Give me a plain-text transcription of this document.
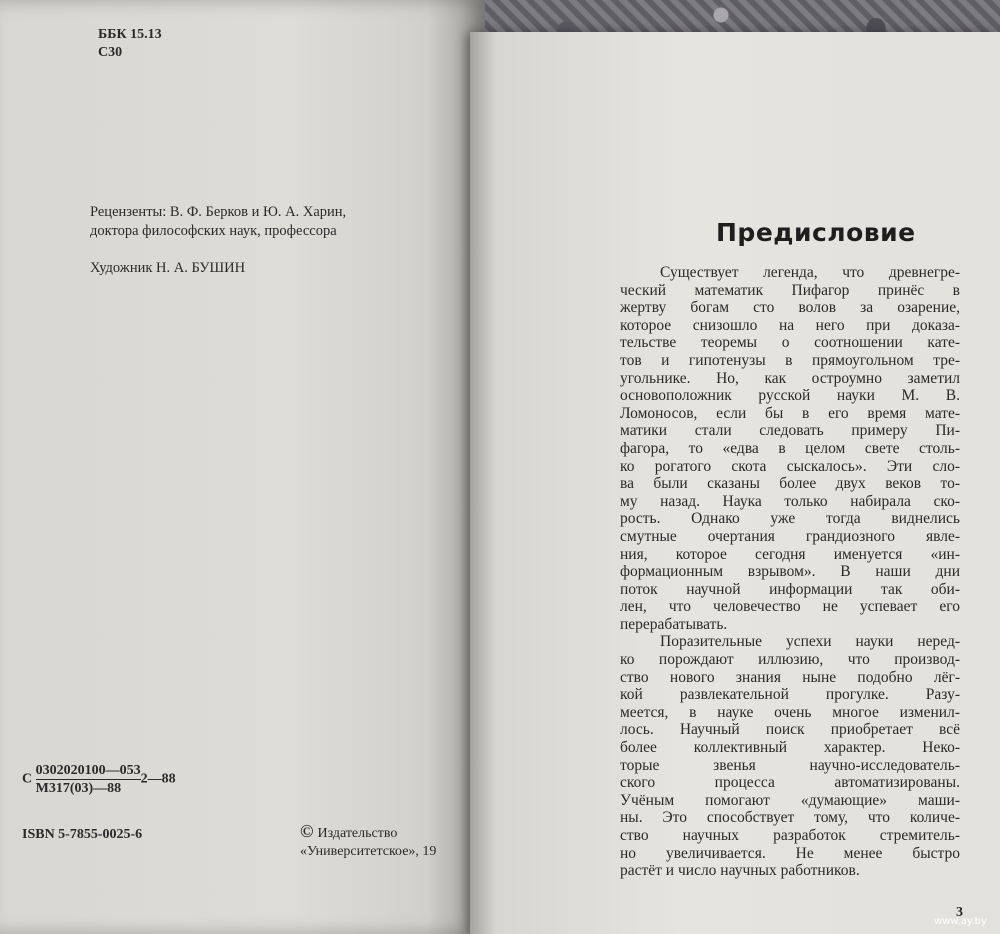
ББК 15.13
С30
Рецензенты: В. Ф. Берков и Ю. А. Харин,
доктора философских наук, профессора
Художник Н. А. БУШИН
С $\frac{0302020100—053}{М317(03)—88}$ 2—88
ISBN 5-7855-0025-6	© Издательство
«Университетское», 19
Предисловие
Существует легенда, что древнегре-
ческий математик Пифагор принёс в
жертву богам сто волов за озарение,
которое снизошло на него при доказа-
тельстве теоремы о соотношении кате-
тов и гипотенузы в прямоугольном тре-
угольнике. Но, как остроумно заметил
основоположник русской науки М. В.
Ломоносов, если бы в его время мате-
матики стали следовать примеру Пи-
фагора, то «едва в целом свете столь-
ко рогатого скота сыскалось». Эти сло-
ва были сказаны более двух веков то-
му назад. Наука только набирала ско-
рость. Однако уже тогда виднелись
смутные очертания грандиозного явле-
ния, которое сегодня именуется «ин-
формационным взрывом». В наши дни
поток научной информации так оби-
лен, что человечество не успевает его
перерабатывать.
Поразительные успехи науки неред-
ко порождают иллюзию, что производ-
ство нового знания ныне подобно лёг-
кой развлекательной прогулке. Разу-
меется, в науке очень многое изменил-
лось. Научный поиск приобретает всё
более коллективный характер. Неко-
торые звенья научно-исследователь-
ского процесса автоматизированы.
Учёным помогают «думающие» маши-
ны. Это способствует тому, что количе-
ство научных разработок стремитель-
но увеличивается. Не менее быстро
растёт и число научных работников.
3
www.ay.by
